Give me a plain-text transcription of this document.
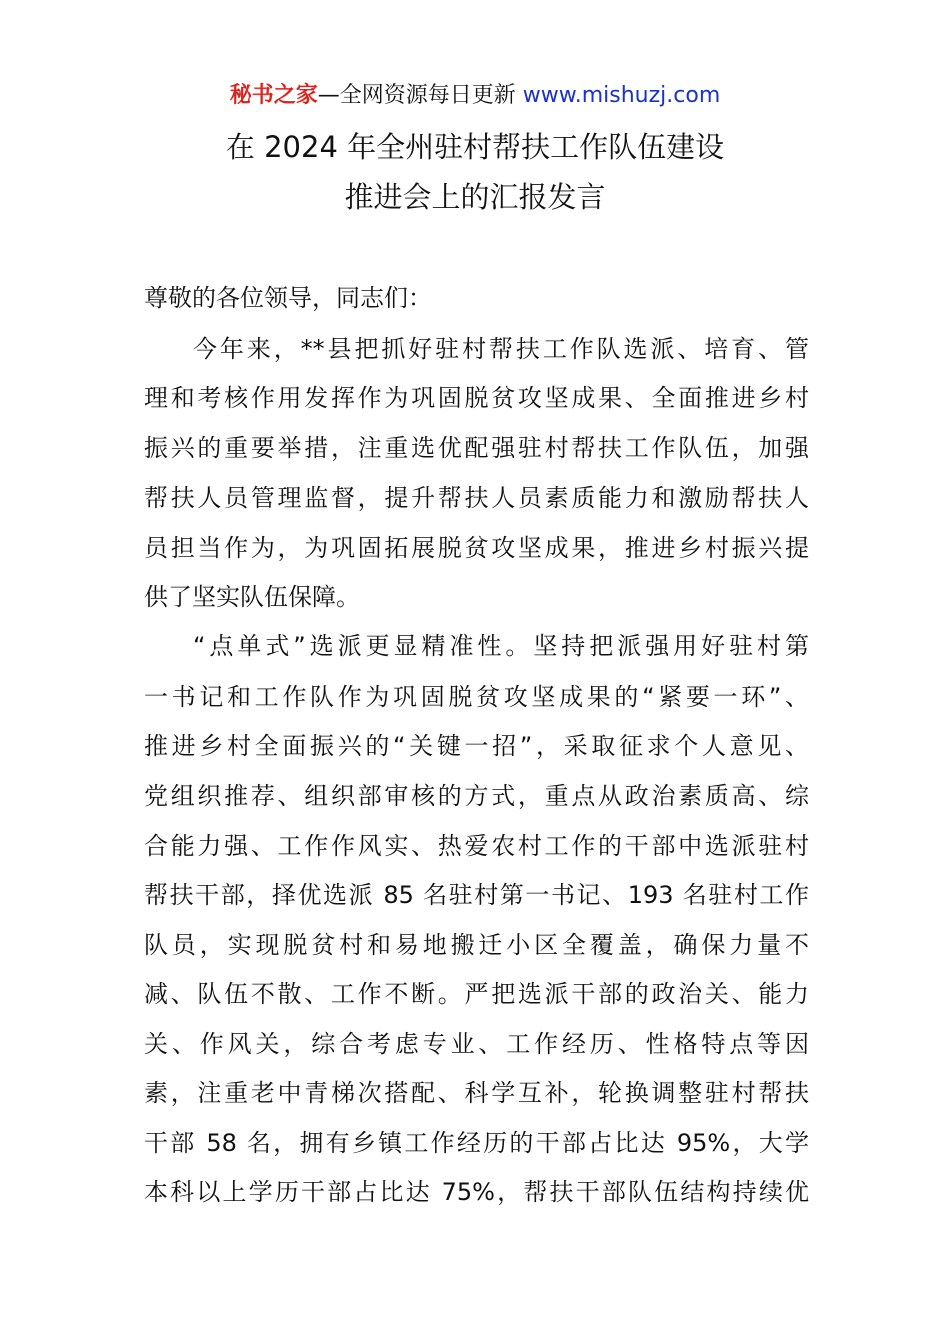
秘书之家—全网资源每日更新 www.mishuzj.com
在 2024 年全州驻村帮扶工作队伍建设
推进会上的汇报发言
尊敬的各位领导，同志们：
今年来，**县把抓好驻村帮扶工作队选派、培育、管
理和考核作用发挥作为巩固脱贫攻坚成果、全面推进乡村
振兴的重要举措，注重选优配强驻村帮扶工作队伍，加强
帮扶人员管理监督，提升帮扶人员素质能力和激励帮扶人
员担当作为，为巩固拓展脱贫攻坚成果，推进乡村振兴提
供了坚实队伍保障。
“点单式”选派更显精准性。坚持把派强用好驻村第
一书记和工作队作为巩固脱贫攻坚成果的“紧要一环”、
推进乡村全面振兴的“关键一招”，采取征求个人意见、
党组织推荐、组织部审核的方式，重点从政治素质高、综
合能力强、工作作风实、热爱农村工作的干部中选派驻村
帮扶干部，择优选派 85 名驻村第一书记、193 名驻村工作
队员，实现脱贫村和易地搬迁小区全覆盖，确保力量不
减、队伍不散、工作不断。严把选派干部的政治关、能力
关、作风关，综合考虑专业、工作经历、性格特点等因
素，注重老中青梯次搭配、科学互补，轮换调整驻村帮扶
干部 58 名，拥有乡镇工作经历的干部占比达 95%，大学
本科以上学历干部占比达 75%，帮扶干部队伍结构持续优
